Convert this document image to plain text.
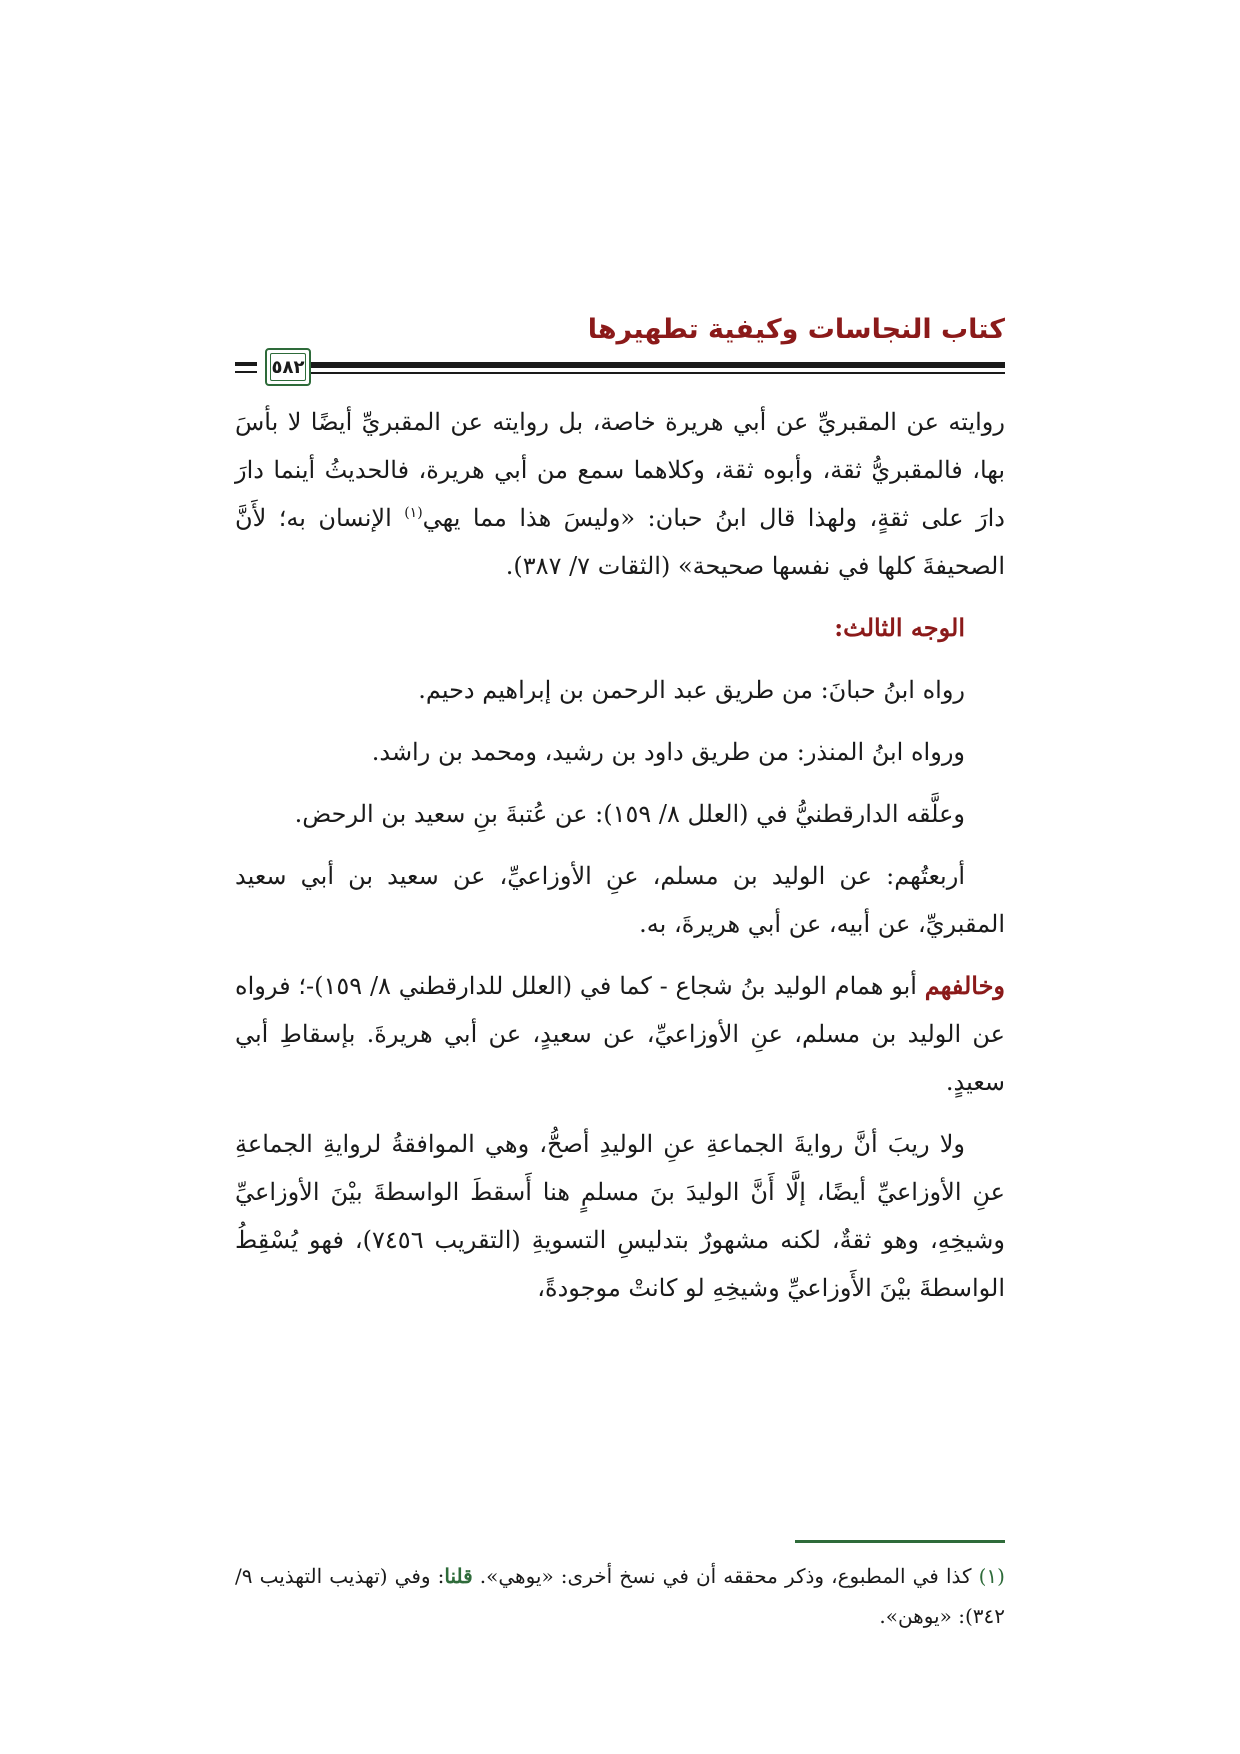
كتاب النجاسات وكيفية تطهيرها
٥٨٢

روايته عن المقبريِّ عن أبي هريرة خاصة، بل روايته عن المقبريِّ أيضًا لا بأسَ بها، فالمقبريُّ ثقة، وأبوه ثقة، وكلاهما سمع من أبي هريرة، فالحديثُ أينما دارَ دارَ على ثقةٍ، ولهذا قال ابنُ حبان: «وليسَ هذا مما يهي$^{(١)}$ الإنسان به؛ لأَنَّ الصحيفةَ كلها في نفسها صحيحة» (الثقات ٧/ ٣٨٧).

الوجه الثالث:

رواه ابنُ حبانَ: من طريق عبد الرحمن بن إبراهيم دحيم.

ورواه ابنُ المنذر: من طريق داود بن رشيد، ومحمد بن راشد.

وعلَّقه الدارقطنيُّ في (العلل ٨/ ١٥٩): عن عُتبةَ بنِ سعيد بن الرحض.

أربعتُهم: عن الوليد بن مسلم، عنِ الأوزاعيِّ، عن سعيد بن أبي سعيد المقبريِّ، عن أبيه، عن أبي هريرةَ، به.

وخالفهم أبو همام الوليد بنُ شجاع - كما في (العلل للدارقطني ٨/ ١٥٩)-؛ فرواه عن الوليد بن مسلم، عنِ الأوزاعيِّ، عن سعيدٍ، عن أبي هريرةَ. بإسقاطِ أبي سعيدٍ.

ولا ريبَ أنَّ روايةَ الجماعةِ عنِ الوليدِ أصحُّ، وهي الموافقةُ لروايةِ الجماعةِ عنِ الأوزاعيِّ أيضًا، إلَّا أَنَّ الوليدَ بنَ مسلمٍ هنا أَسقطَ الواسطةَ بيْنَ الأوزاعيِّ وشيخِهِ، وهو ثقةٌ، لكنه مشهورٌ بتدليسِ التسويةِ (التقريب ٧٤٥٦)، فهو يُسْقِطُ الواسطةَ بيْنَ الأَوزاعيِّ وشيخِهِ لو كانتْ موجودةً،

(١) كذا في المطبوع، وذكر محققه أن في نسخ أخرى: «يوهي». قلنا: وفي (تهذيب التهذيب ٩/ ٣٤٢): «يوهن».
